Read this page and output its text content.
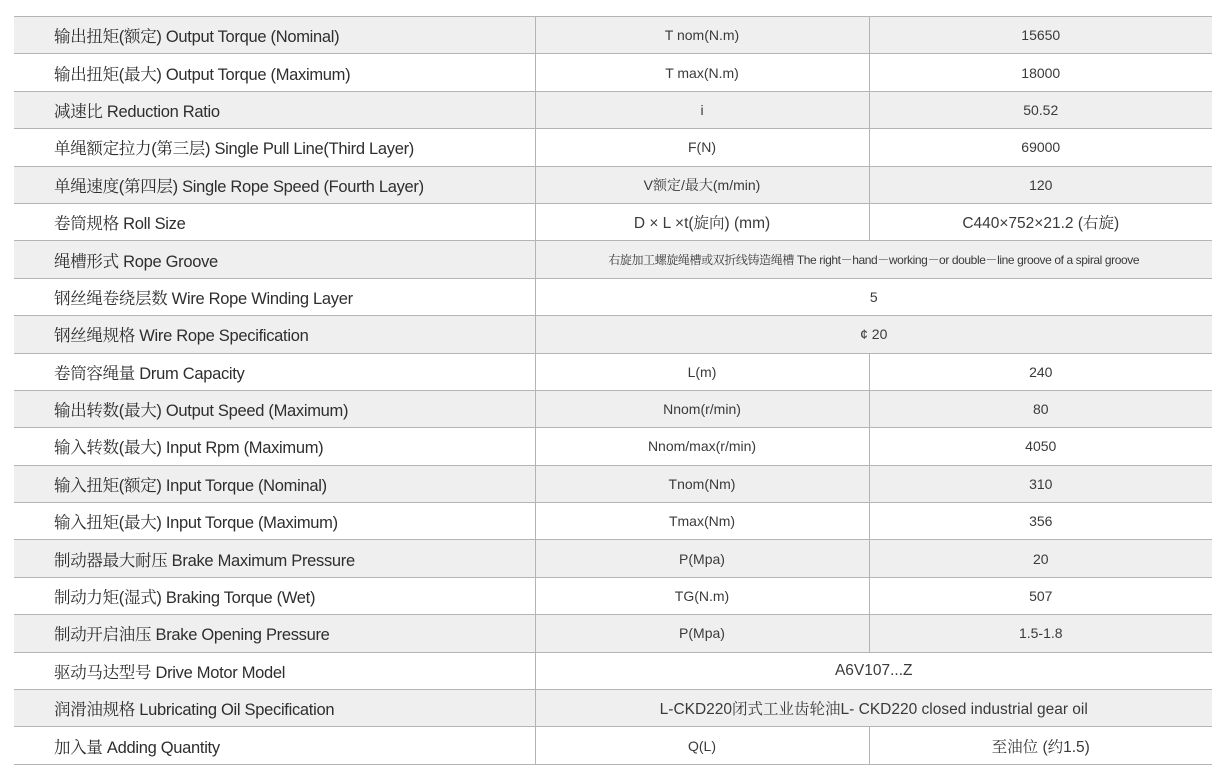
输出扭矩(额定) Output Torque (Nominal)	T nom(N.m)	15650
输出扭矩(最大) Output Torque (Maximum)	T max(N.m)	18000
减速比 Reduction Ratio	i	50.52
单绳额定拉力(第三层) Single Pull Line(Third Layer)	F(N)	69000
单绳速度(第四层) Single Rope Speed (Fourth Layer)	V额定/最大(m/min)	120
卷筒规格 Roll Size	D × L ×t(旋向) (mm)	C440×752×21.2 (右旋)
绳槽形式 Rope Groove	右旋加工螺旋绳槽或双折线铸造绳槽 The right－hand－working－or double－line groove of a spiral groove	
钢丝绳卷绕层数 Wire Rope Winding Layer	5	
钢丝绳规格 Wire Rope Specification	¢ 20	
卷筒容绳量 Drum Capacity	L(m)	240
输出转数(最大) Output Speed (Maximum)	Nnom(r/min)	80
输入转数(最大) Input Rpm (Maximum)	Nnom/max(r/min)	4050
输入扭矩(额定) Input Torque (Nominal)	Tnom(Nm)	310
输入扭矩(最大) Input Torque (Maximum)	Tmax(Nm)	356
制动器最大耐压 Brake Maximum Pressure	P(Mpa)	20
制动力矩(湿式) Braking Torque (Wet)	TG(N.m)	507
制动开启油压 Brake Opening Pressure	P(Mpa)	1.5-1.8
驱动马达型号 Drive Motor Model	A6V107...Z	
润滑油规格 Lubricating Oil Specification	L-CKD220闭式工业齿轮油L- CKD220 closed industrial gear oil	
加入量 Adding Quantity	Q(L)	至油位 (约1.5)
